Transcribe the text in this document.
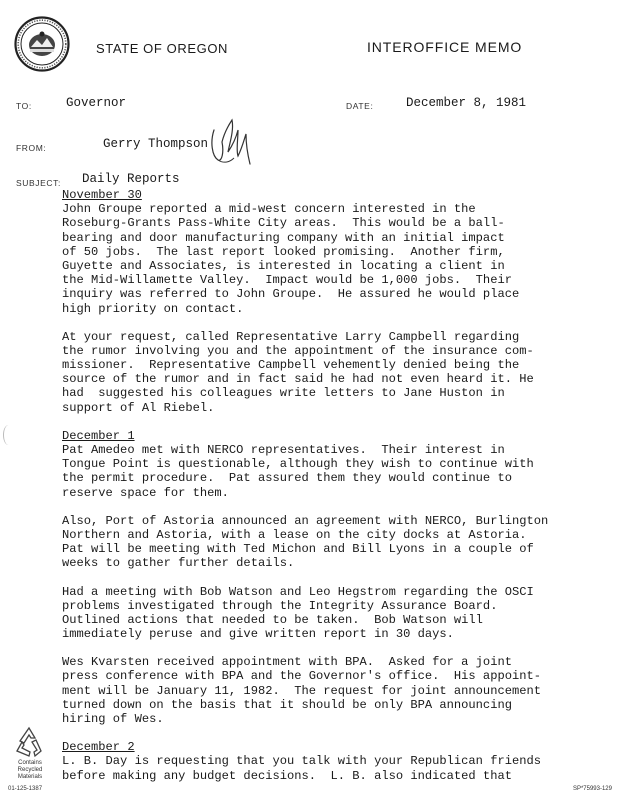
STATE OF OREGON	INTEROFFICE MEMO
TO:	Governor	DATE:	December 8, 1981
FROM:	Gerry Thompson
SUBJECT: Daily Reports
November 30
John Groupe reported a mid-west concern interested in the
Roseburg-Grants Pass-White City areas.  This would be a ball-
bearing and door manufacturing company with an initial impact
of 50 jobs.  The last report looked promising.  Another firm,
Guyette and Associates, is interested in locating a client in
the Mid-Willamette Valley.  Impact would be 1,000 jobs.  Their
inquiry was referred to John Groupe.  He assured he would place
high priority on contact.
At your request, called Representative Larry Campbell regarding
the rumor involving you and the appointment of the insurance com-
missioner.  Representative Campbell vehemently denied being the
source of the rumor and in fact said he had not even heard it. He
had  suggested his colleagues write letters to Jane Huston in
support of Al Riebel.
December 1
Pat Amedeo met with NERCO representatives.  Their interest in
Tongue Point is questionable, although they wish to continue with
the permit procedure.  Pat assured them they would continue to
reserve space for them.
Also, Port of Astoria announced an agreement with NERCO, Burlington
Northern and Astoria, with a lease on the city docks at Astoria.
Pat will be meeting with Ted Michon and Bill Lyons in a couple of
weeks to gather further details.
Had a meeting with Bob Watson and Leo Hegstrom regarding the OSCI
problems investigated through the Integrity Assurance Board.
Outlined actions that needed to be taken.  Bob Watson will
immediately peruse and give written report in 30 days.
Wes Kvarsten received appointment with BPA.  Asked for a joint
press conference with BPA and the Governor's office.  His appoint-
ment will be January 11, 1982.  The request for joint announcement
turned down on the basis that it should be only BPA announcing
hiring of Wes.
December 2
L. B. Day is requesting that you talk with your Republican friends
before making any budget decisions.  L. B. also indicated that
Contains
Recycled
Materials
01-125-1387	SP*75993-129
